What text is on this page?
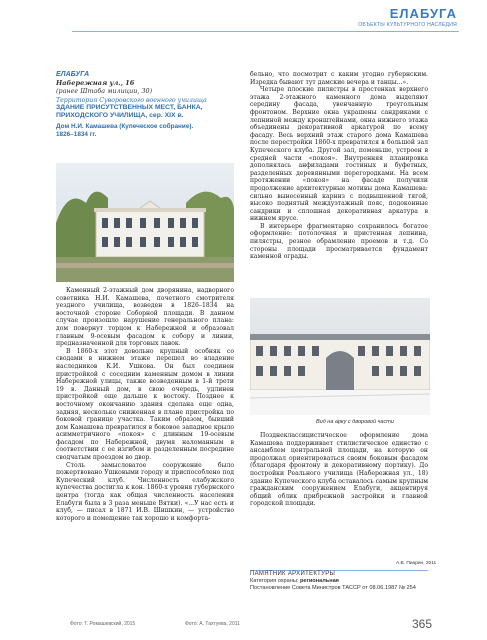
ЕЛАБУГА
ОБЪЕКТЫ КУЛЬТУРНОГО НАСЛЕДИЯ
ЕЛАБУГА
Набережная ул., 16
(ранее Штаба милиции, 30)
Территория Суворовского военного училища
ЗДАНИЕ ПРИСУТСТВЕННЫХ МЕСТ, БАНКА,
ПРИХОДСКОГО УЧИЛИЩА, сер. XIX в.
Дом Н.И. Камашева (Купеческое собрание).
1826–1834 гг.

Каменный 2-этажный дом дворянина, надворного советника Н.И. Камашева, почетного смотрителя уездного училища, возведен в 1826–1834 на восточной стороне Соборной площади. В данном случае произошло нарушение генерального плана: дом повернут торцом к Набережной и образовал главным 9-осевым фасадом к собору и линии, предназначенной для торговых лавок.

В 1860-х этот довольно крупный особняк со сводами в нижнем этаже перешел во владение наследников К.И. Ушкова. Он был соединен пристройкой с соседним каменным домом в линии Набережной улицы, также возведенным в 1-й трети 19 в. Данный дом, в свою очередь, удлинен пристройкой еще дальше к востоку. Позднее к восточному окончанию здания сделана еще одна, задняя, несколько сниженная в плане пристройка по боковой границе участка. Таким образом, бывший дом Камашева превратился в боковое западное крыло асимметричного «покоя» с длинным 19-осевым фасадом по Набережной, двумя наломанным в соответствии с ее изгибом и разделенным посредине сводчатым проездом во двор.

Столь замысловатое сооружение было пожертвовано Ушковыми городу и приспособлено под Купеческий клуб. Численность елабужского купечества достигла к кон. 1860-х уровня губернского центра (тогда как общая численность населения Елабуги была в 3 раза меньше Вятки). «...У нас есть и клуб, — писал в 1871 И.В. Шишкин, — устройство которого и помещение так хорошо и комфорта-

бельно, что посмотрит с каким угодно губернским. Изредка бывают тут дамские вечера и танцы...».

Четыре плоские пилястры в простенках верхнего этажа 2-этажного каменного дома выделяют середину фасада, увенчанную треугольным фронтоном. Верхние окна украшены сандриками с лепниной между кронштейнами, окна нижнего этажа объединены декоративной аркатурой по всему фасаду. Весь верхний этаж старого дома Камашева после перестройки 1860-х превратился в большой зал Купеческого клуба. Другой зал, поменьше, устроен в средней части «покоя». Внутренняя планировка дополнялась анфиладами гостиных и буфетных, разделенных деревянными перегородками. На всем протяжении «покоя» на фасаде получили продолжение архитектурные мотивы дома Камашева: сильно вынесенный карниз с подвышенной тягой, высоко поднятый междуэтажный пояс, подоконные сандрики и сплошная декоративная аркатура в нижнем ярусе.

В интерьере фрагментарно сохранилось богатое оформление: потолочная и пристенная лепнина, пилястры, резное обрамление проемов и т.д. Со стороны площади просматривается фундамент каменной ограды.

Вид на арку с дворовой части

Позднеклассицистическое оформление дома Камашева поддерживает стилистическое единство с ансамблем центральной площади, на которую он продолжал ориентироваться своим боковым фасадом (благодаря фронтону и декоративному портику). До постройки Реального училища (Набережная ул., 18) здание Купеческого клуба оставалось самым крупным гражданским сооружением Елабуги, акцентируя общий облик прибрежной застройки и главной городской площади.

А.В. Пиарин, 2011
ПАМЯТНИК АРХИТЕКТУРЫ
Категория охраны: региональная
Постановление Совета Министров ТАССР от 08.06.1987 № 254
Фото: Т. Ромашевский, 2015	Фото: А. Тахтуева, 2011	365
